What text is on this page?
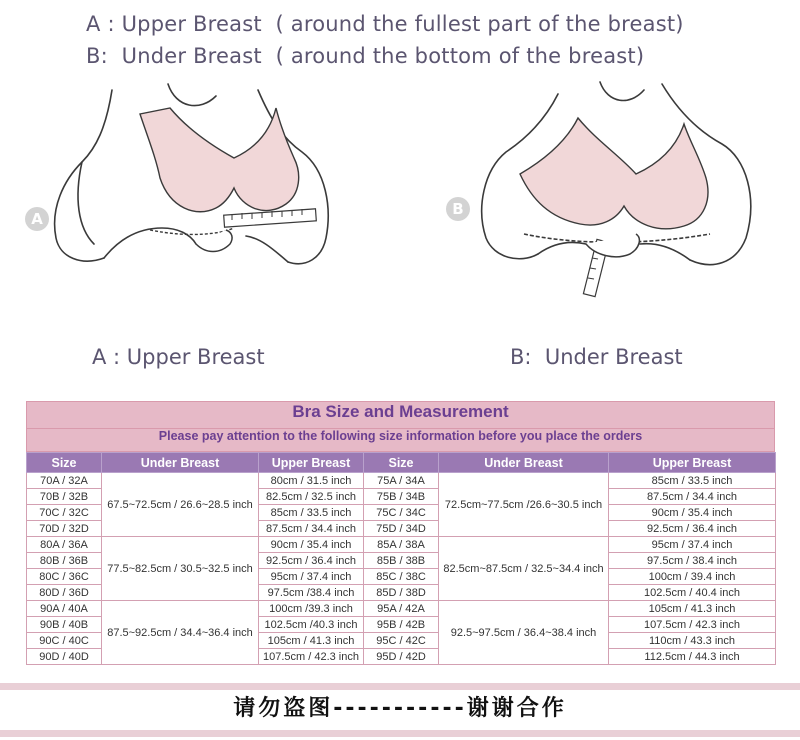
A : Upper Breast  ( around the fullest part of the breast)
B:  Under Breast  ( around the bottom of the breast)
A
A : Upper Breast
B
B:  Under Breast
Bra Size and Measurement
Please pay attention to the following size information before you place the orders
Size	Under Breast	Upper Breast	Size	Under Breast	Upper Breast
70A / 32A	67.5~72.5cm / 26.6~28.5 inch	80cm / 31.5 inch	75A / 34A	72.5cm~77.5cm /26.6~30.5 inch	85cm / 33.5 inch
70B / 32B		82.5cm / 32.5 inch	75B / 34B		87.5cm / 34.4 inch
70C / 32C		85cm / 33.5 inch	75C / 34C		90cm / 35.4 inch
70D / 32D		87.5cm / 34.4 inch	75D / 34D		92.5cm / 36.4 inch
80A / 36A	77.5~82.5cm / 30.5~32.5 inch	90cm / 35.4 inch	85A / 38A	82.5cm~87.5cm / 32.5~34.4 inch	95cm / 37.4 inch
80B / 36B		92.5cm / 36.4 inch	85B / 38B		97.5cm / 38.4 inch
80C / 36C		95cm / 37.4 inch	85C / 38C		100cm / 39.4 inch
80D / 36D		97.5cm /38.4 inch	85D / 38D		102.5cm / 40.4 inch
90A / 40A	87.5~92.5cm / 34.4~36.4 inch	100cm /39.3 inch	95A / 42A	92.5~97.5cm / 36.4~38.4 inch	105cm / 41.3 inch
90B / 40B		102.5cm /40.3 inch	95B / 42B		107.5cm / 42.3 inch
90C / 40C		105cm / 41.3 inch	95C / 42C		110cm / 43.3 inch
90D / 40D		107.5cm / 42.3 inch	95D / 42D		112.5cm / 44.3 inch
请勿盗图-----------谢谢合作
